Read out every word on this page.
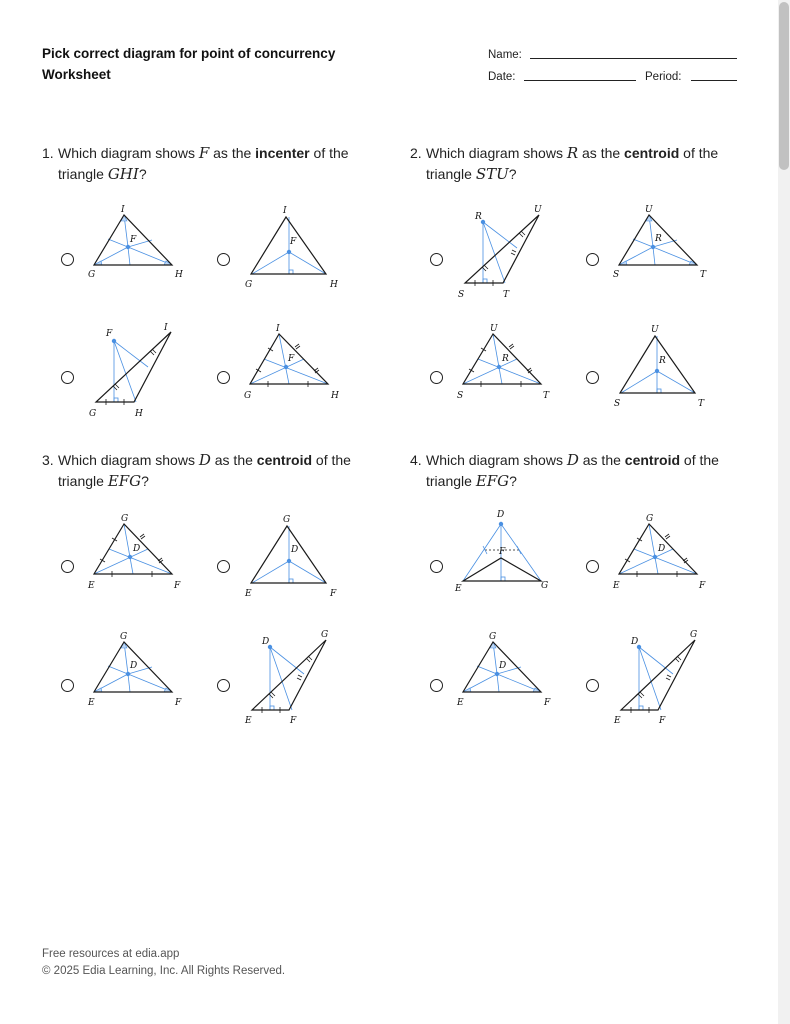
Pick correct diagram for point of concurrency
Worksheet
Name:
Date:	Period:
1. Which diagram shows F as the incenter of the
triangle GHI?
2. Which diagram shows R as the centroid of the
triangle STU?
3. Which diagram shows D as the centroid of the
triangle EFG?
4. Which diagram shows D as the centroid of the
triangle EFG?
I
F
G	H
I
F
G	H
F
I
G	H
I
F
G	H
R
U
S	T
U
R
S	T
U
R
S	T
U
R
S	T
G
D
E	F
G
D
E	F
G
D
E	F
D
G
E	F
D
F
E	G
G
D
E	F
G
D
E	F
D
G
E	F
Free resources at edia.app
© 2025 Edia Learning, Inc. All Rights Reserved.
